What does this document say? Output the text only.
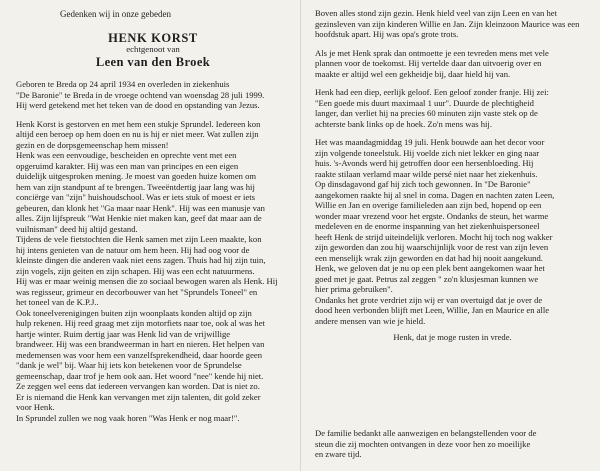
Gedenken wij in onze gebeden

HENK KORST

echtgenoot van

Leen van den Broek

Geboren te Breda op 24 april 1934 en overleden in ziekenhuis

"De Baronie" te Breda in de vroege ochtend van woensdag 28 juli 1999.

Hij werd getekend met het teken van de dood en opstanding van Jezus.

Henk Korst is gestorven en met hem een stukje Sprundel. Iedereen kon

altijd een beroep op hem doen en nu is hij er niet meer. Wat zullen zijn

gezin en de dorpsgemeenschap hem missen!

Henk was een eenvoudige, bescheiden en oprechte vent met een

opgeruimd karakter. Hij was een man van principes en een eigen

duidelijk uitgesproken mening. Je moest van goeden huize komen om

hem van zijn standpunt af te brengen. Tweeëntdertig jaar lang was hij

conciërge van "zijn" huishoudschool. Was er iets stuk of moest er iets

gebeuren, dan klonk het "Ga maar naar Henk". Hij was een manusje van

alles. Zijn lijfspreuk "Wat Henkie niet maken kan, geef dat maar aan de

vuilnisman" deed hij altijd gestand.

Tijdens de vele fietstochten die Henk samen met zijn Leen maakte, kon

hij intens genieten van de natuur om hem heen. Hij had oog voor de

kleinste dingen die anderen vaak niet eens zagen. Thuis had hij zijn tuin,

zijn vogels, zijn geiten en zijn schapen. Hij was een echt natuurmens.

Hij was er maar weinig mensen die zo sociaal bewogen waren als Henk. Hij

was regisseur, grimeur en decorbouwer van het "Sprundels Toneel" en

het toneel van de K.P.J..

Ook toneelverenigingen buiten zijn woonplaats konden altijd op zijn

hulp rekenen. Hij reed graag met zijn motorfiets naar toe, ook al was het

hartje winter. Ruim dertig jaar was Henk lid van de vrijwillige

brandweer. Hij was een brandweerman in hart en nieren. Het helpen van

medemensen was voor hem een vanzelfsprekendheid, daar hoorde geen

"dank je wel" bij. Waar hij iets kon betekenen voor de Sprundelse

gemeenschap, daar trof je hem ook aan. Het woord "nee" kende hij niet.

Ze zeggen wel eens dat iedereen vervangen kan worden. Dat is niet zo.

Er is niemand die Henk kan vervangen met zijn talenten, dit gold zeker

voor Henk.

In Sprundel zullen we nog vaak horen "Was Henk er nog maar!".

Boven alles stond zijn gezin. Henk hield veel van zijn Leen en van het

gezinsleven van zijn kinderen Willie en Jan. Zijn kleinzoon Maurice was een

hoofdstuk apart. Hij was opa's grote trots.

Als je met Henk sprak dan ontmoette je een tevreden mens met vele

plannen voor de toekomst. Hij vertelde daar dan uitvoerig over en

maakte er altijd wel een gekheidje bij, daar hield hij van.

Henk had een diep, eerlijk geloof. Een geloof zonder franje. Hij zei:

"Een goede mis duurt maximaal 1 uur". Duurde de plechtigheid

langer, dan verliet hij na precies 60 minuten zijn vaste stek op de

achterste bank links op de hoek. Zo'n mens was hij.

Het was maandagmiddag 19 juli. Henk bouwde aan het decor voor

zijn volgende toneelstuk. Hij voelde zich niet lekker en ging naar

huis. 's-Avonds werd hij getroffen door een hersenbloeding. Hij

raakte stilaan verlamd maar wilde persé niet naar het ziekenhuis.

Op dinsdagavond gaf hij zich toch gewonnen. In "De Baronie"

aangekomen raakte hij al snel in coma. Dagen en nachten zaten Leen,

Willie en Jan en overige familieleden aan zijn bed, hopend op een

wonder maar vrezend voor het ergste. Ondanks de steun, het warme

medeleven en de enorme inspanning van het ziekenhuispersoneel

heeft Henk de strijd uiteindelijk verloren. Mocht hij toch nog wakker

zijn geworden dan zou hij waarschijnlijk voor de rest van zijn leven

een menselijk wrak zijn geworden en dat had hij nooit aangekund.

Henk, we geloven dat je nu op een plek bent aangekomen waar het

goed met je gaat. Petrus zal zeggen " zo'n klusjesman kunnen we

hier prima gebruiken".

Ondanks het grote verdriet zijn wij er van overtuigd dat je over de

dood heen verbonden blijft met Leen, Willie, Jan en Maurice en alle

andere mensen van wie je hield.

Henk, dat je moge rusten in vrede.

De familie bedankt alle aanwezigen en belangstellenden voor de

steun die zij mochten ontvangen in deze voor hen zo moeilijke

en zware tijd.
